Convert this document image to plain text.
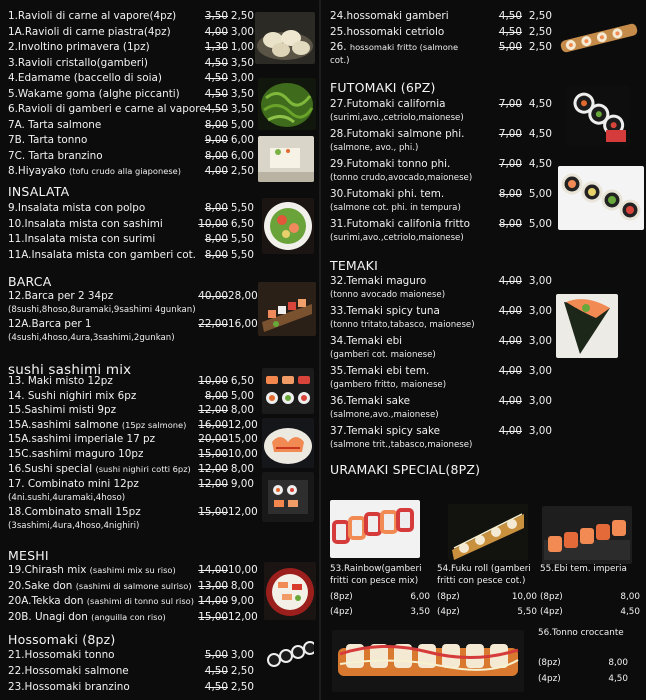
1.Ravioli di carne al vapore(4pz)	3,50 2,50
1A.Ravioli di carne piastra(4pz)	4,00 3,00
2.Involtino primavera (1pz)	1,30 1,00
3.Ravioli cristallo(gamberi)	4,50 3,50
4.Edamame (baccello di soia)	4,50 3,00
5.Wakame goma (alghe piccanti)	4,50 3,50
6.Ravioli di gamberi e carne al vapore 4,50 3,50
7A. Tarta salmone	8,00 5,00
7B. Tarta tonno	9,00 6,00
7C. Tarta branzino	8,00 6,00
8.Hiyayako (tofu crudo alla giaponese)	4,00 2,50
INSALATA
9.Insalata mista con polpo	8,00 5,50
10.Insalata mista con sashimi	10,00 6,50
11.Insalata mista con surimi	8,00 5,50
11A.Insalata mista con gamberi cot. 8,00 5,50
BARCA
12.Barca per 2 34pz	40,00 28,00
(8sushi,8hoso,8uramaki,9sashimi 4gunkan)
12A.Barca per 1	22,00 16,00
(4sushi,4hoso,4ura,3sashimi,2gunkan)
sushi sashimi mix
13. Maki misto 12pz	10,00 6,50
14. Sushi nighiri mix 6pz	8,00 5,00
15.Sashimi misti 9pz	12,00 8,00
15A.sashimi salmone (15pz salmone)	16,00 12,00
15A.sashimi imperiale 17 pz	20,00 15,00
15C.sashimi maguro 10pz	15,00 10,00
16.Sushi special (sushi nighiri cotti 6pz) 12,00 8,00
17. Combinato mini 12pz	12,00 9,00
(4ni.sushi,4uramaki,4hoso)
18.Combinato small 15pz	15,00 12,00
(3sashimi,4ura,4hoso,4nighiri)
MESHI
19.Chirash mix (sashimi mix su riso)	14,00 10,00
20.Sake don (sashimi di salmone sulriso) 13,00 8,00
20A.Tekka don (sashimi di tonno sul riso) 14,00 9,00
20B. Unagi don (anguilla con riso)	15,00 12,00
Hossomaki (8pz)
21.Hossomaki tonno	5,00 3,00
22.Hossomaki salmone	4,50 2,50
23.Hossomaki branzino	4,50 2,50
24.hossomaki gamberi	4,50 2,50
25.hossomaki cetriolo	4,50 2,50
26. hossomaki fritto (salmone	5,00 2,50
cot.)
FUTOMAKI (6PZ)
27.Futomaki california	7,00 4,50
(surimi,avo.,cetriolo,maionese)
28.Futomaki salmone phi.	7,00 4,50
(salmone, avo., phi.)
29.Futomaki tonno phi.	7,00 4,50
(tonno crudo,avocado,maionese)
30.Futomaki phi. tem.	8,00 5,00
(salmone cot. phi. in tempura)
31.Futomaki califonia fritto	8,00 5,00
(surimi,avo.,cetriolo,maionese)
TEMAKI
32.Temaki maguro	4,00 3,00
(tonno avocado maionese)
33.Temaki spicy tuna	4,00 3,00
(tonno tritato,tabasco, maionese)
34.Temaki ebi	4,00 3,00
(gamberi cot. maionese)
35.Temaki ebi tem.	4,00 3,00
(gambero fritto, maionese)
36.Temaki sake	4,00 3,00
(salmone,avo.,maionese)
37.Temaki spicy sake	4,00 3,00
(salmone trit.,tabasco,maionese)
URAMAKI SPECIAL(8PZ)
53.Rainbow(gamberi
fritti con pesce mix)
(8pz)	6,00
(4pz)	3,50
54.Fuku roll (gamberi
fritti con pesce cot.)
(8pz)	10,00
(4pz)	5,50
55.Ebi tem. imperia
(8pz)	8,00
(4pz)	4,50
56.Tonno croccante
(8pz)	8,00
(4pz)	4,50
